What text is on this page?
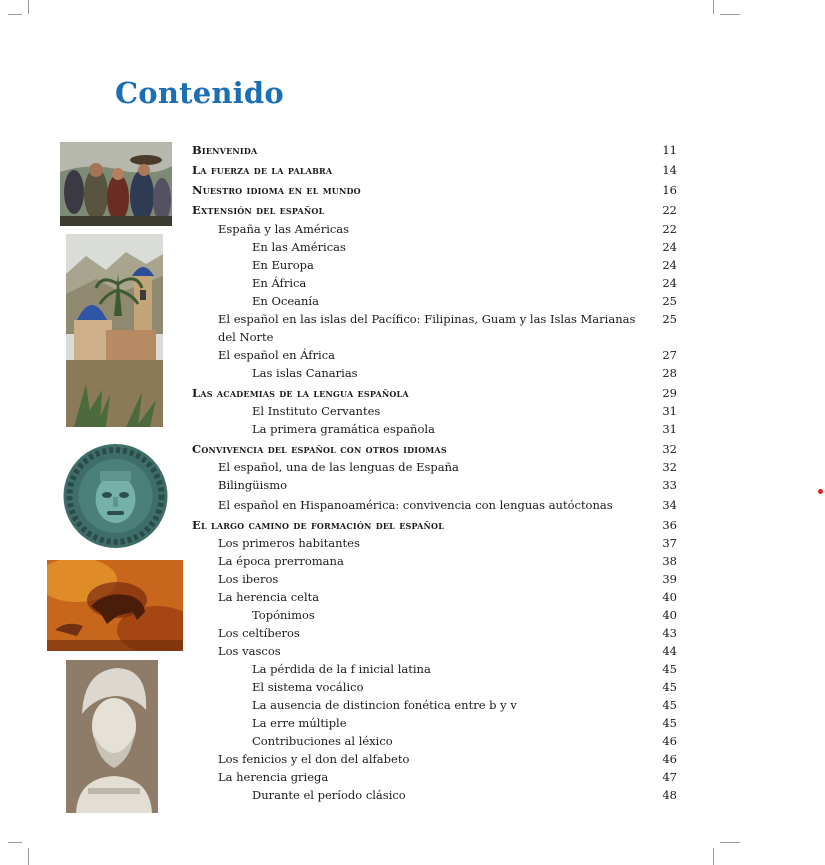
Contenido
Bienvenida	11
La fuerza de la palabra	14
Nuestro idioma en el mundo	16
Extensión del español	22
España y las Américas	22
En las Américas	24
En Europa	24
En África	24
En Oceanía	25
El español en las islas del Pacífico: Filipinas, Guam y las Islas Marianas 25
del Norte
El español en África	27
Las islas Canarias	28
Las academias de la lengua española	29
El Instituto Cervantes	31
La primera gramática española	31
Convivencia del español con otros idiomas	32
El español, una de las lenguas de España	32
Bilingüismo	33
El español en Hispanoamérica: convivencia con lenguas autóctonas	34
El largo camino de formación del español	36
Los primeros habitantes	37
La época prerromana	38
Los iberos	39
La herencia celta	40
Topónimos	40
Los celtíberos	43
Los vascos	44
La pérdida de la f inicial latina	45
El sistema vocálico	45
La ausencia de distincion fonética entre b y v	45
La erre múltiple	45
Contribuciones al léxico	46
Los fenicios y el don del alfabeto	46
La herencia griega	47
Durante el período clásico	48
